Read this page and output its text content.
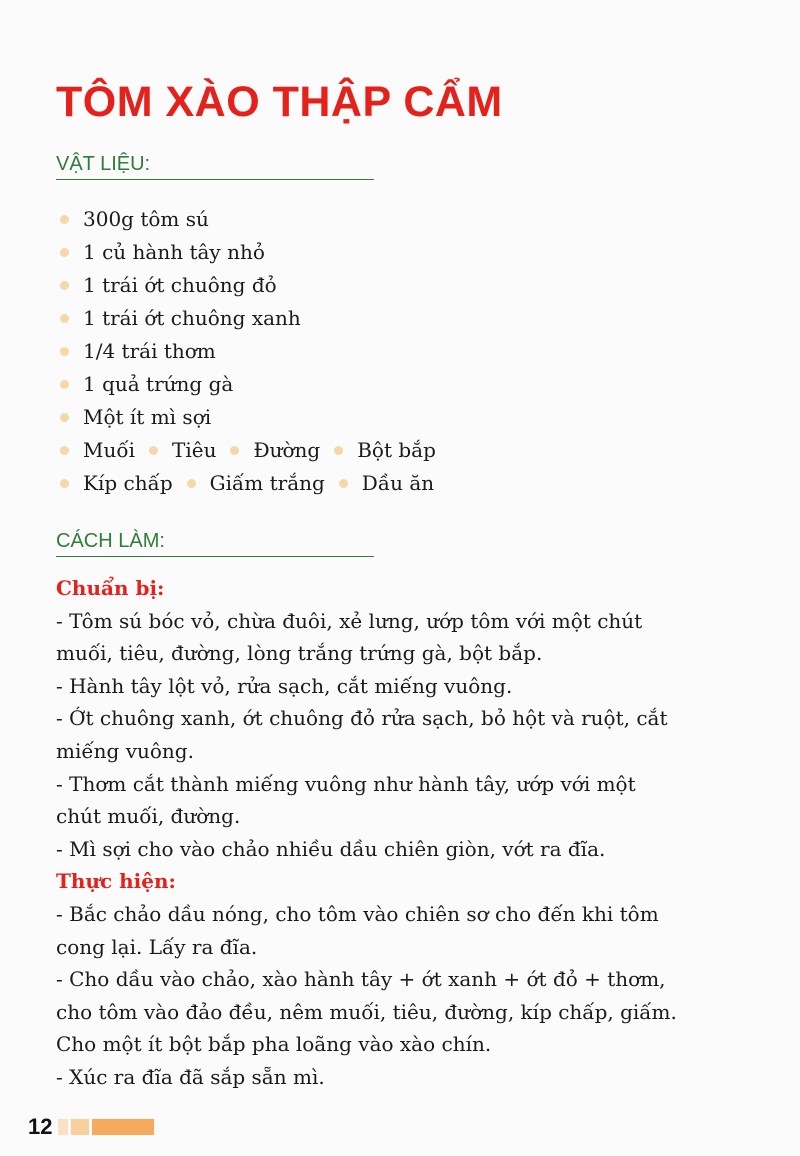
TÔM XÀO THẬP CẨM
VẬT LIỆU:
300g tôm sú
1 củ hành tây nhỏ
1 trái ớt chuông đỏ
1 trái ớt chuông xanh
1/4 trái thơm
1 quả trứng gà
Một ít mì sợi
Muối Tiêu Đường Bột bắp
Kíp chấp Giấm trắng Dầu ăn
CÁCH LÀM:
Chuẩn bị:
- Tôm sú bóc vỏ, chừa đuôi, xẻ lưng, ướp tôm với một chút
muối, tiêu, đường, lòng trắng trứng gà, bột bắp.
- Hành tây lột vỏ, rửa sạch, cắt miếng vuông.
- Ớt chuông xanh, ớt chuông đỏ rửa sạch, bỏ hột và ruột, cắt
miếng vuông.
- Thơm cắt thành miếng vuông như hành tây, ướp với một
chút muối, đường.
- Mì sợi cho vào chảo nhiều dầu chiên giòn, vớt ra đĩa.
Thực hiện:
- Bắc chảo dầu nóng, cho tôm vào chiên sơ cho đến khi tôm
cong lại. Lấy ra đĩa.
- Cho dầu vào chảo, xào hành tây + ớt xanh + ớt đỏ + thơm,
cho tôm vào đảo đều, nêm muối, tiêu, đường, kíp chấp, giấm.
Cho một ít bột bắp pha loãng vào xào chín.
- Xúc ra đĩa đã sắp sẵn mì.
12
